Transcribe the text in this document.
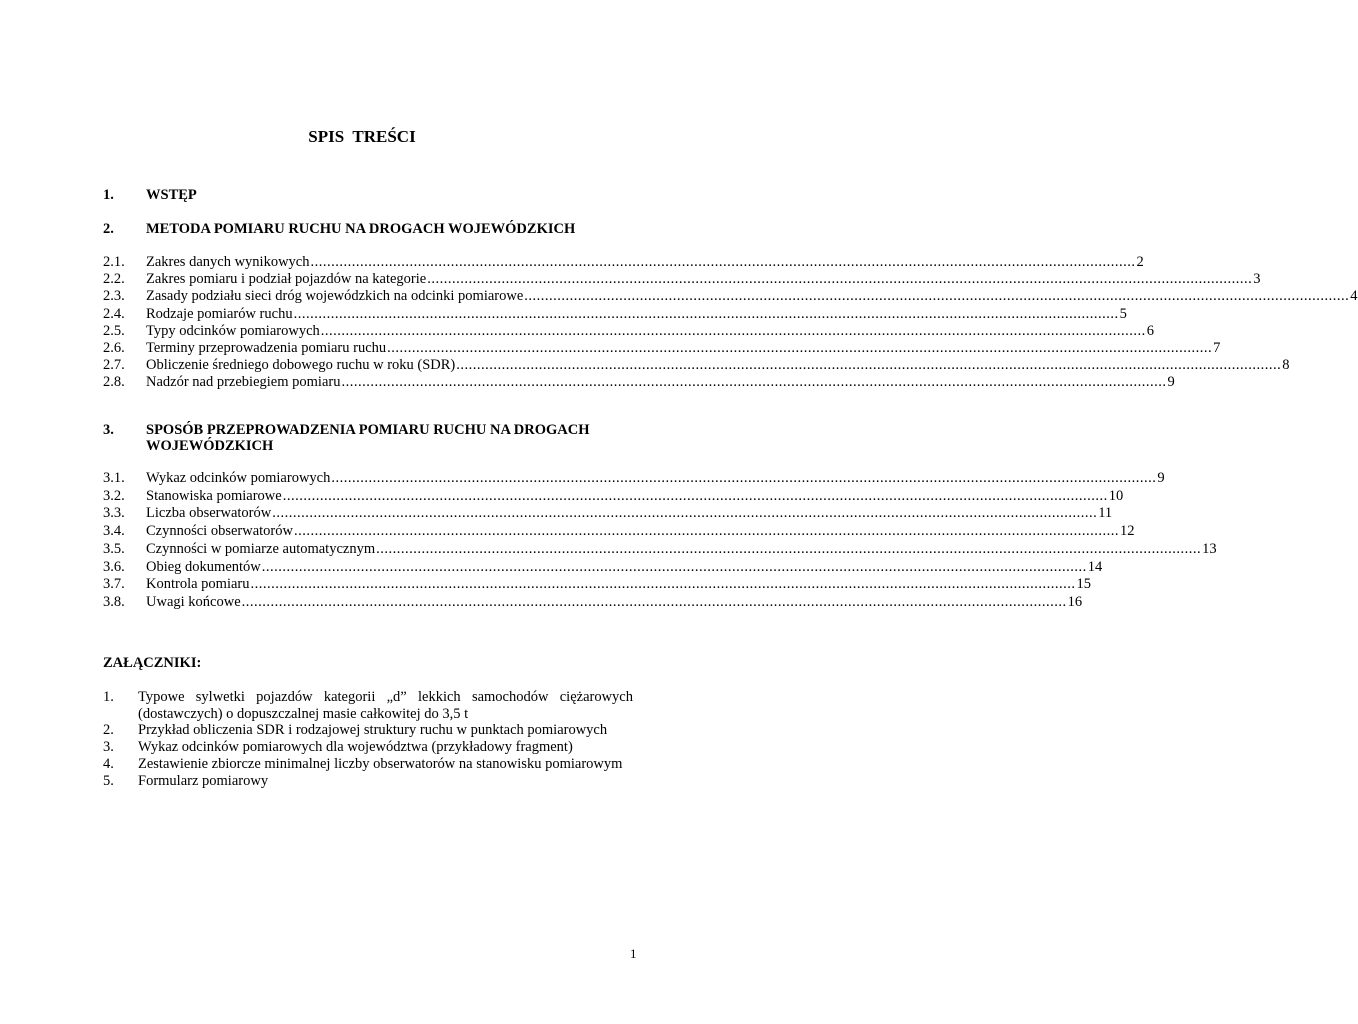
SPIS  TREŚCI
1. WSTĘP
2. METODA POMIARU RUCHU NA DROGACH WOJEWÓDZKICH
2.1. Zakres danych wynikowych ........................................................................................................................................................................................................ 2
2.2. Zakres pomiaru i podział pojazdów na kategorie ........................................................................................................................................................................................................ 3
2.3. Zasady podziału sieci dróg wojewódzkich na odcinki pomiarowe ........................................................................................................................................................................................................ 4
2.4. Rodzaje pomiarów ruchu ........................................................................................................................................................................................................ 5
2.5. Typy odcinków pomiarowych ........................................................................................................................................................................................................ 6
2.6. Terminy przeprowadzenia pomiaru ruchu ........................................................................................................................................................................................................ 7
2.7. Obliczenie średniego dobowego ruchu w roku (SDR) ........................................................................................................................................................................................................ 8
2.8. Nadzór nad przebiegiem pomiaru ........................................................................................................................................................................................................ 9
3. SPOSÓB PRZEPROWADZENIA POMIARU RUCHU NA DROGACH
WOJEWÓDZKICH
3.1. Wykaz odcinków pomiarowych ........................................................................................................................................................................................................ 9
3.2. Stanowiska pomiarowe ........................................................................................................................................................................................................ 10
3.3. Liczba obserwatorów ........................................................................................................................................................................................................ 11
3.4. Czynności obserwatorów ........................................................................................................................................................................................................ 12
3.5. Czynności w pomiarze automatycznym ........................................................................................................................................................................................................ 13
3.6. Obieg dokumentów ........................................................................................................................................................................................................ 14
3.7. Kontrola pomiaru ........................................................................................................................................................................................................ 15
3.8. Uwagi końcowe ........................................................................................................................................................................................................ 16
ZAŁĄCZNIKI:
1. Typowe sylwetki pojazdów kategorii „d” lekkich samochodów ciężarowych
(dostawczych) o dopuszczalnej masie całkowitej do 3,5 t
2. Przykład obliczenia SDR i rodzajowej struktury ruchu w punktach pomiarowych
3. Wykaz odcinków pomiarowych dla województwa (przykładowy fragment)
4. Zestawienie zbiorcze minimalnej liczby obserwatorów na stanowisku pomiarowym
5. Formularz pomiarowy
1
